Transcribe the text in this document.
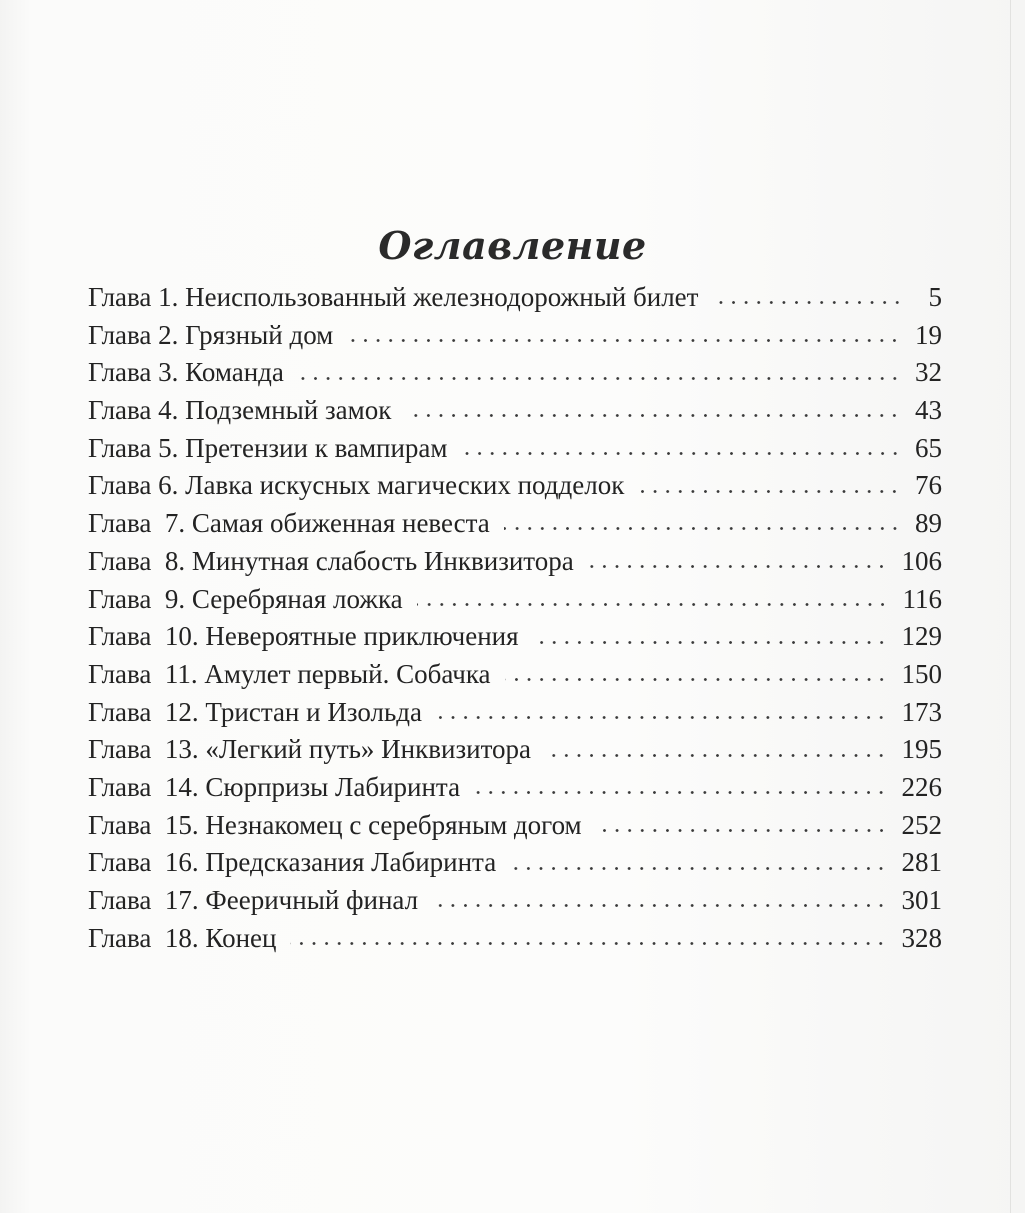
Оглавление
Глава 1. Неиспользованный железнодорожный билет	5
Глава 2. Грязный дом	19
Глава 3. Команда	32
Глава 4. Подземный замок	43
Глава 5. Претензии к вампирам	65
Глава 6. Лавка искусных магических подделок	76
Глава  7. Самая обиженная невеста	89
Глава  8. Минутная слабость Инквизитора	106
Глава  9. Серебряная ложка	116
Глава  10. Невероятные приключения	129
Глава  11. Амулет первый. Собачка	150
Глава  12. Тристан и Изольда	173
Глава  13. «Легкий путь» Инквизитора	195
Глава  14. Сюрпризы Лабиринта	226
Глава  15. Незнакомец с серебряным догом	252
Глава  16. Предсказания Лабиринта	281
Глава  17. Фееричный финал	301
Глава  18. Конец	328
